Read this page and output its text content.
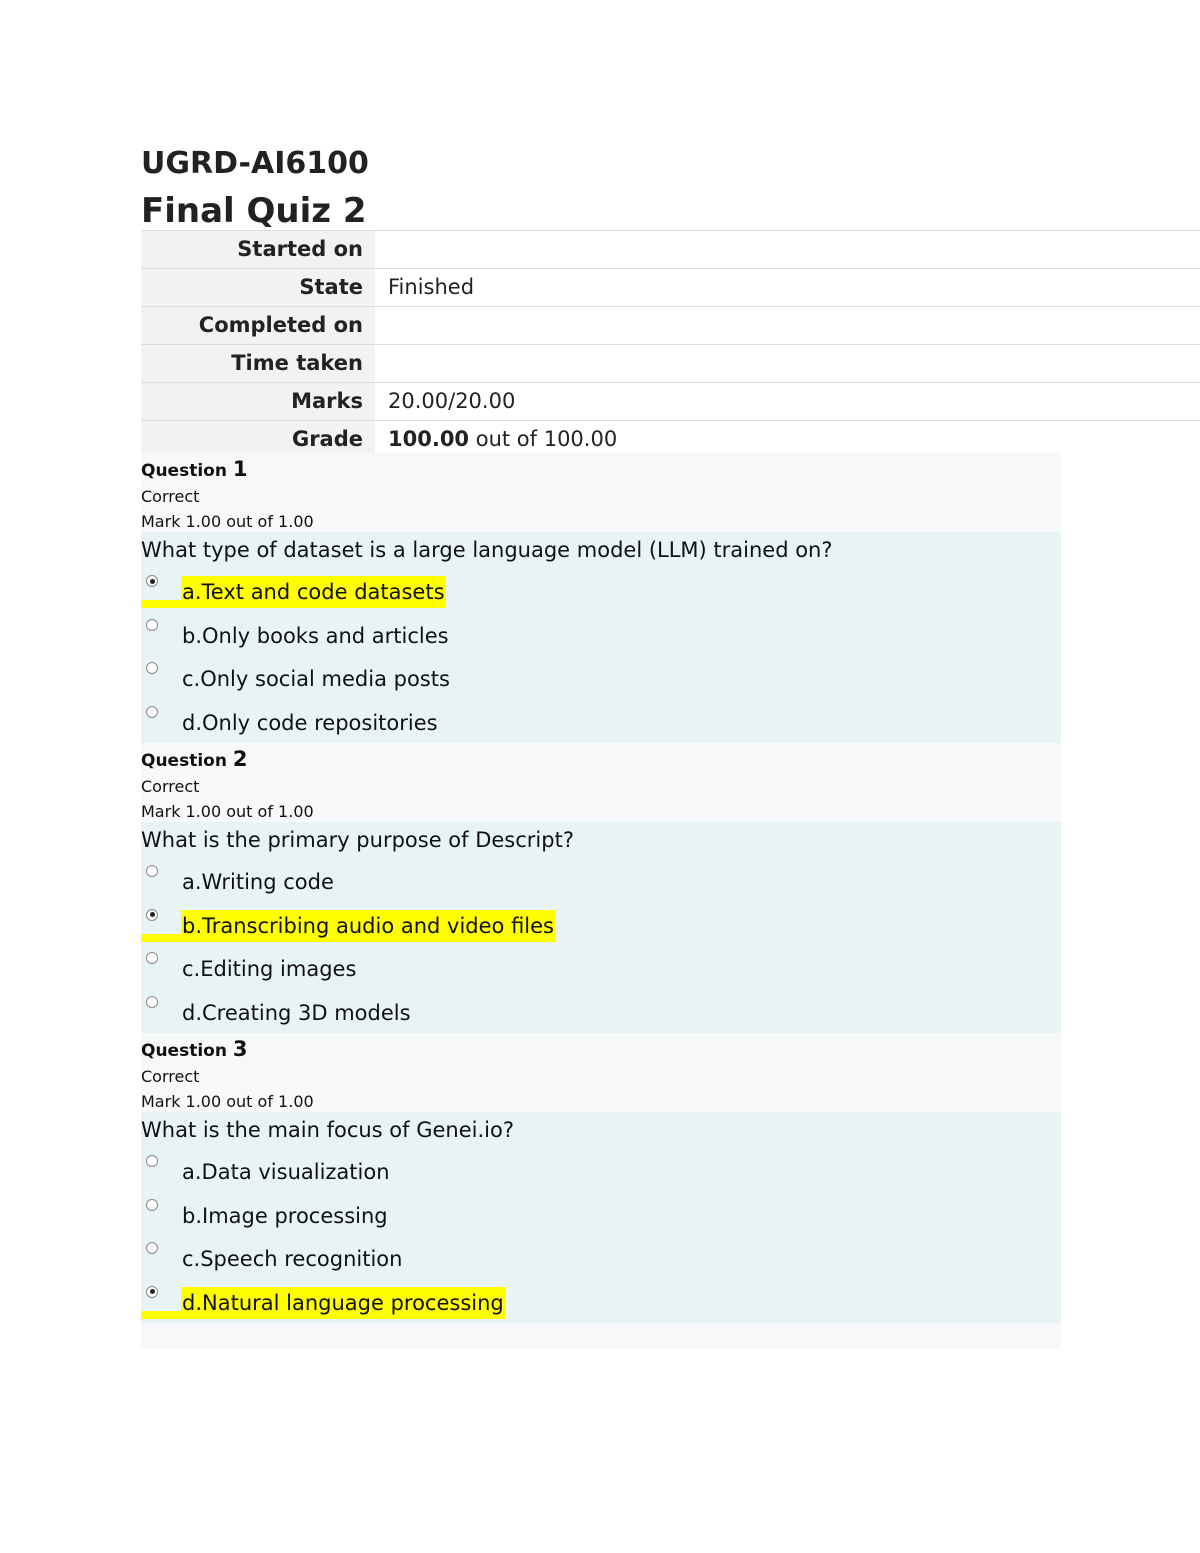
UGRD-AI6100
Final Quiz 2
Started on
State	Finished
Completed on
Time taken
Marks	20.00/20.00
Grade	100.00 out of 100.00
Question 1
Correct
Mark 1.00 out of 1.00
What type of dataset is a large language model (LLM) trained on?
a.Text and code datasets
b.Only books and articles
c.Only social media posts
d.Only code repositories
Question 2
Correct
Mark 1.00 out of 1.00
What is the primary purpose of Descript?
a.Writing code
b.Transcribing audio and video files
c.Editing images
d.Creating 3D models
Question 3
Correct
Mark 1.00 out of 1.00
What is the main focus of Genei.io?
a.Data visualization
b.Image processing
c.Speech recognition
d.Natural language processing
